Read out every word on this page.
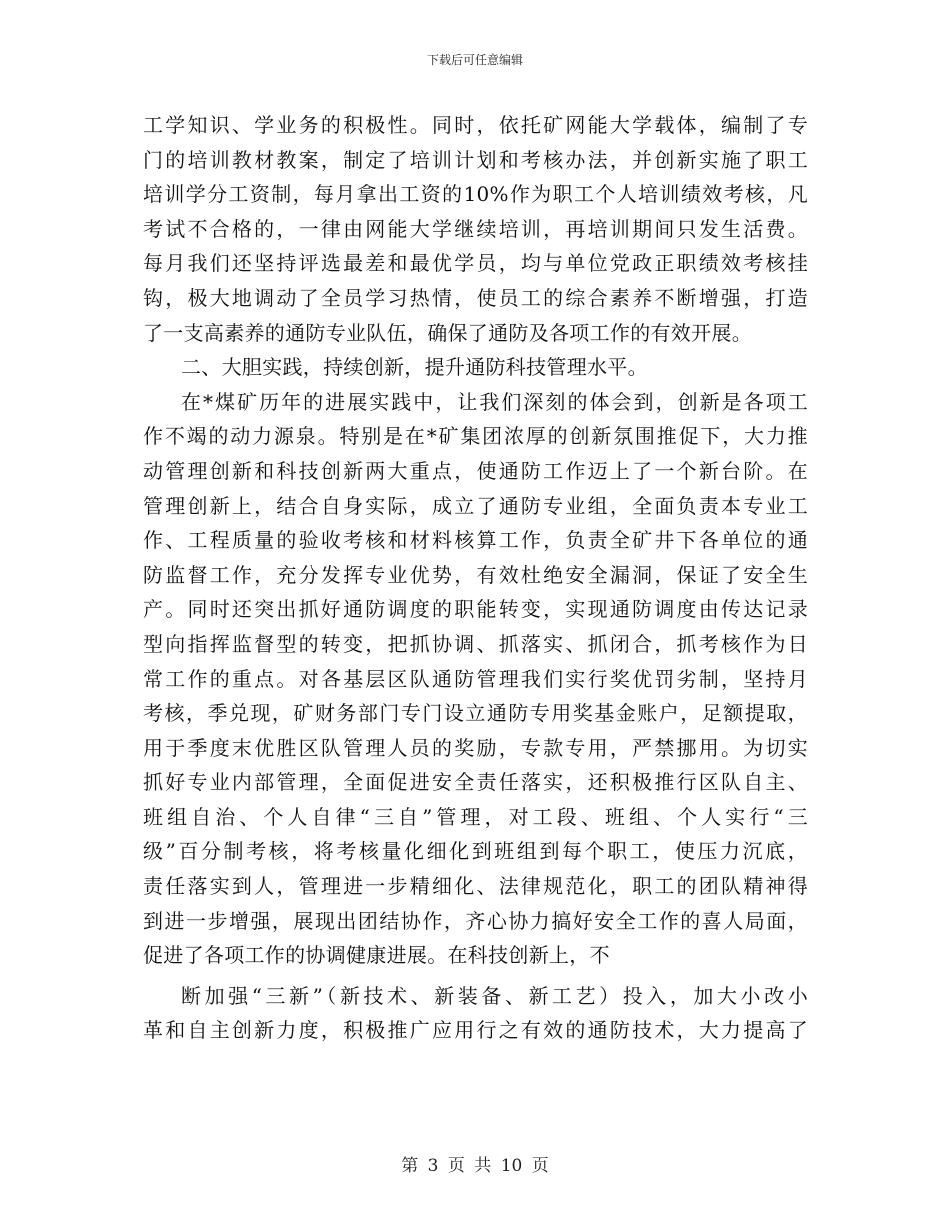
下载后可任意编辑
工学知识、学业务的积极性。同时，依托矿网能大学载体，编制了专
门的培训教材教案，制定了培训计划和考核办法，并创新实施了职工
培训学分工资制，每月拿出工资的10%作为职工个人培训绩效考核，凡
考试不合格的，一律由网能大学继续培训，再培训期间只发生活费。
每月我们还坚持评选最差和最优学员，均与单位党政正职绩效考核挂
钩，极大地调动了全员学习热情，使员工的综合素养不断增强，打造
了一支高素养的通防专业队伍，确保了通防及各项工作的有效开展。
二、大胆实践，持续创新，提升通防科技管理水平。
在*煤矿历年的进展实践中，让我们深刻的体会到，创新是各项工
作不竭的动力源泉。特别是在*矿集团浓厚的创新氛围推促下，大力推
动管理创新和科技创新两大重点，使通防工作迈上了一个新台阶。在
管理创新上，结合自身实际，成立了通防专业组，全面负责本专业工
作、工程质量的验收考核和材料核算工作，负责全矿井下各单位的通
防监督工作，充分发挥专业优势，有效杜绝安全漏洞，保证了安全生
产。同时还突出抓好通防调度的职能转变，实现通防调度由传达记录
型向指挥监督型的转变，把抓协调、抓落实、抓闭合，抓考核作为日
常工作的重点。对各基层区队通防管理我们实行奖优罚劣制，坚持月
考核，季兑现，矿财务部门专门设立通防专用奖基金账户，足额提取，
用于季度末优胜区队管理人员的奖励，专款专用，严禁挪用。为切实
抓好专业内部管理，全面促进安全责任落实，还积极推行区队自主、
班组自治、个人自律“三自”管理，对工段、班组、个人实行“三
级”百分制考核，将考核量化细化到班组到每个职工，使压力沉底，
责任落实到人，管理进一步精细化、法律规范化，职工的团队精神得
到进一步增强，展现出团结协作，齐心协力搞好安全工作的喜人局面，
促进了各项工作的协调健康进展。在科技创新上，不
断加强“三新”（新技术、新装备、新工艺）投入，加大小改小
革和自主创新力度，积极推广应用行之有效的通防技术，大力提高了
第 3 页 共 10 页
